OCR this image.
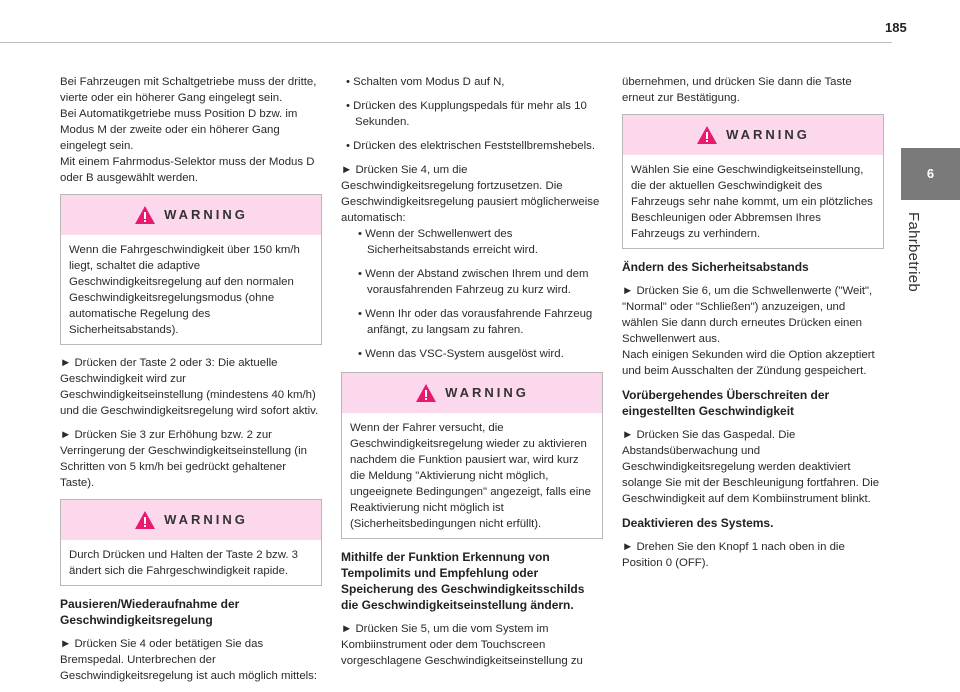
185
6
Fahrbetrieb

Bei Fahrzeugen mit Schaltgetriebe muss der dritte, vierte oder ein höherer Gang eingelegt sein.
Bei Automatikgetriebe muss Position D bzw. im Modus M der zweite oder ein höherer Gang eingelegt sein.
Mit einem Fahrmodus-Selektor muss der Modus D oder B ausgewählt werden.

WARNING
Wenn die Fahrgeschwindigkeit über 150 km/h liegt, schaltet die adaptive Geschwindigkeitsregelung auf den normalen Geschwindigkeitsregelungsmodus (ohne automatische Regelung des Sicherheitsabstands).

► Drücken der Taste 2 oder 3: Die aktuelle Geschwindigkeit wird zur Geschwindigkeitseinstellung (mindestens 40 km/h) und die Geschwindigkeitsregelung wird sofort aktiv.

► Drücken Sie 3 zur Erhöhung bzw. 2 zur Verringerung der Geschwindigkeitseinstellung (in Schritten von 5 km/h bei gedrückt gehaltener Taste).

WARNING
Durch Drücken und Halten der Taste 2 bzw. 3 ändert sich die Fahrgeschwindigkeit rapide.
Pausieren/Wiederaufnahme der Geschwindigkeitsregelung

► Drücken Sie 4 oder betätigen Sie das Bremspedal. Unterbrechen der Geschwindigkeitsregelung ist auch möglich mittels:

• Schalten vom Modus D auf N,

• Drücken des Kupplungspedals für mehr als 10 Sekunden.

• Drücken des elektrischen Feststellbremshebels.

► Drücken Sie 4, um die Geschwindigkeitsregelung fortzusetzen. Die Geschwindigkeitsregelung pausiert möglicherweise automatisch:

• Wenn der Schwellenwert des Sicherheitsabstands erreicht wird.

• Wenn der Abstand zwischen Ihrem und dem vorausfahrenden Fahrzeug zu kurz wird.

• Wenn Ihr oder das vorausfahrende Fahrzeug anfängt, zu langsam zu fahren.

• Wenn das VSC-System ausgelöst wird.

WARNING
Wenn der Fahrer versucht, die Geschwindigkeitsregelung wieder zu aktivieren nachdem die Funktion pausiert war, wird kurz die Meldung "Aktivierung nicht möglich, ungeeignete Bedingungen" angezeigt, falls eine Reaktivierung nicht möglich ist (Sicherheitsbedingungen nicht erfüllt).
Mithilfe der Funktion Erkennung von Tempolimits und Empfehlung oder Speicherung des Geschwindigkeitsschilds die Geschwindigkeitseinstellung ändern.

► Drücken Sie 5, um die vom System im Kombiinstrument oder dem Touchscreen vorgeschlagene Geschwindigkeitseinstellung zu

übernehmen, und drücken Sie dann die Taste erneut zur Bestätigung.

WARNING
Wählen Sie eine Geschwindigkeitseinstellung, die der aktuellen Geschwindigkeit des Fahrzeugs sehr nahe kommt, um ein plötzliches Beschleunigen oder Abbremsen Ihres Fahrzeugs zu verhindern.
Ändern des Sicherheitsabstands

► Drücken Sie 6, um die Schwellenwerte ("Weit", "Normal" oder "Schließen") anzuzeigen, und wählen Sie dann durch erneutes Drücken einen Schwellenwert aus.

Nach einigen Sekunden wird die Option akzeptiert und beim Ausschalten der Zündung gespeichert.

Vorübergehendes Überschreiten der eingestellten Geschwindigkeit

► Drücken Sie das Gaspedal. Die Abstandsüberwachung und Geschwindigkeitsregelung werden deaktiviert solange Sie mit der Beschleunigung fortfahren. Die Geschwindigkeit auf dem Kombiinstrument blinkt.

Deaktivieren des Systems.

► Drehen Sie den Knopf 1 nach oben in die Position 0 (OFF).
